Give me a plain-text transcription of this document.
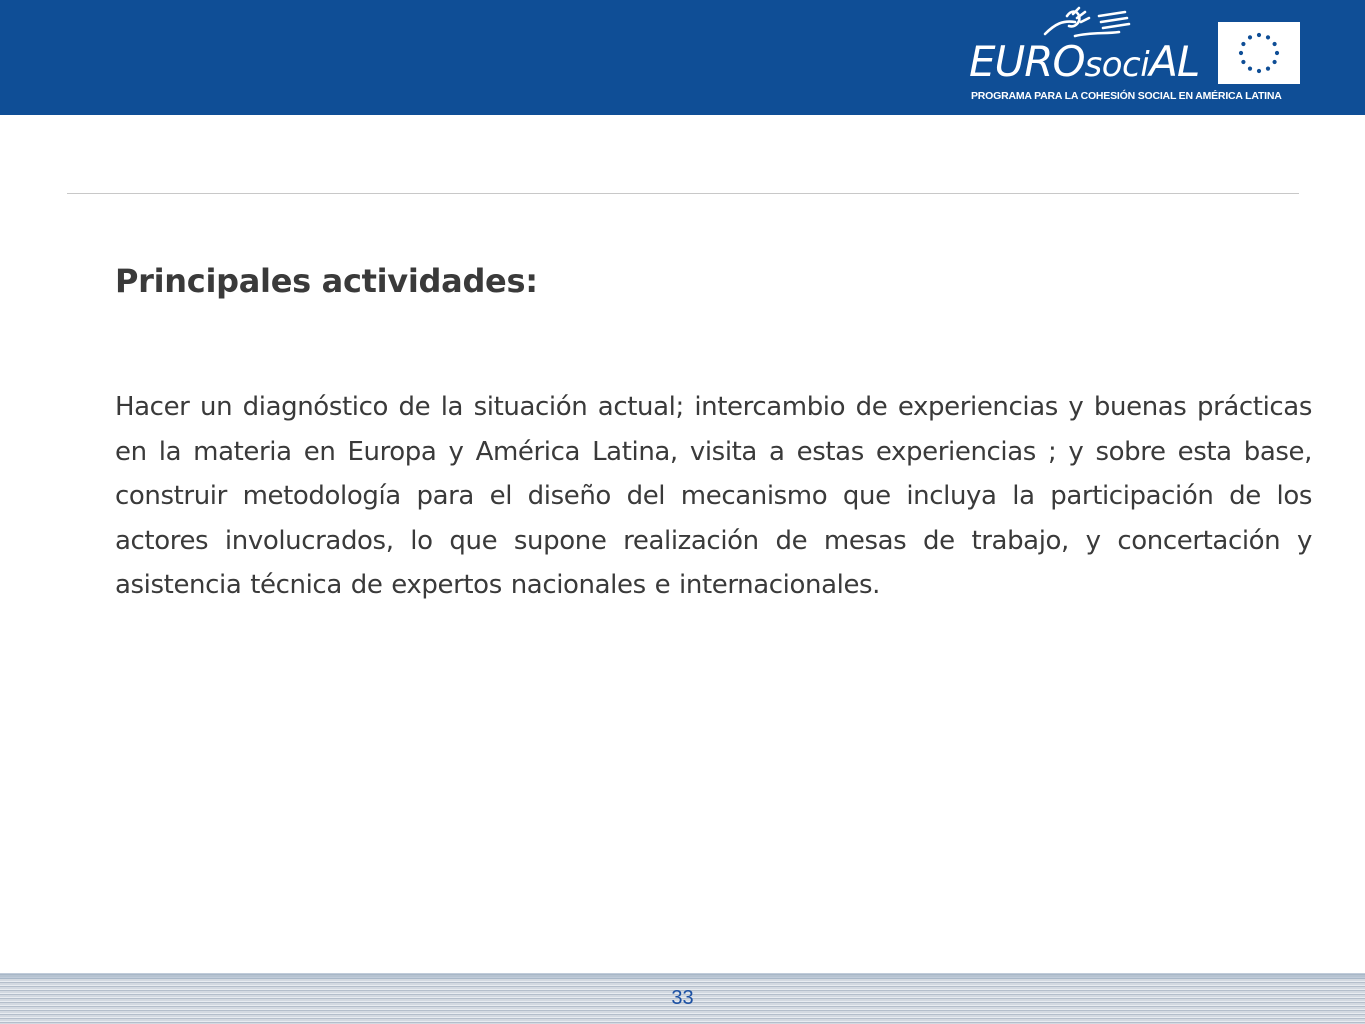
EUROsociAL
PROGRAMA PARA LA COHESIÓN SOCIAL EN AMÉRICA LATINA
Principales actividades:

Hacer un diagnóstico de la situación actual; intercambio de experiencias y buenas prácticas en la materia en Europa y América Latina, visita a estas experiencias ; y sobre esta base, construir metodología para el diseño del mecanismo que incluya la participación de los actores involucrados, lo que supone realización de mesas de trabajo, y concertación y asistencia técnica de expertos nacionales e internacionales.

33
